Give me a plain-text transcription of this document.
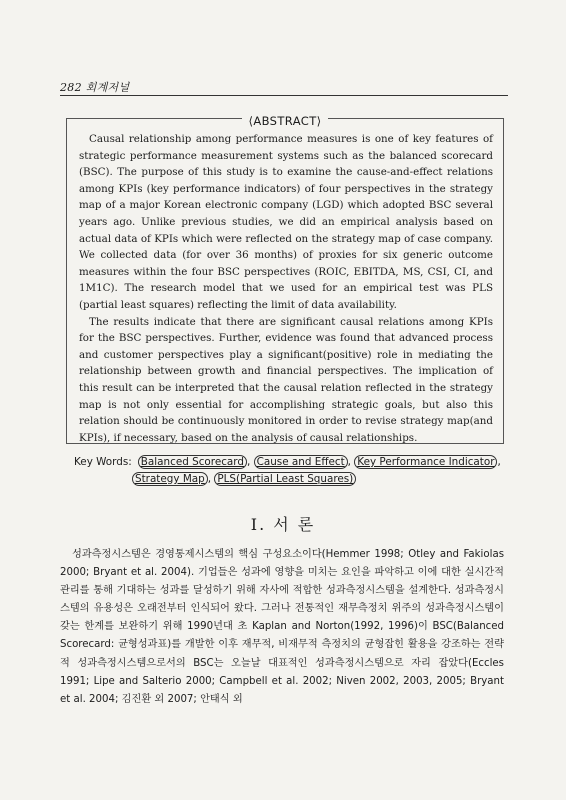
282 회계저널
⟨ABSTRACT⟩

Causal relationship among performance measures is one of key features of strategic performance measurement systems such as the balanced scorecard (BSC). The purpose of this study is to examine the cause-and-effect relations among KPIs (key performance indicators) of four perspectives in the strategy map of a major Korean electronic company (LGD) which adopted BSC several years ago. Unlike previous studies, we did an empirical analysis based on actual data of KPIs which were reflected on the strategy map of case company. We collected data (for over 36 months) of proxies for six generic outcome measures within the four BSC perspectives (ROIC, EBITDA, MS, CSI, CI, and 1M1C). The research model that we used for an empirical test was PLS (partial least squares) reflecting the limit of data availability.

The results indicate that there are significant causal relations among KPIs for the BSC perspectives. Further, evidence was found that advanced process and customer perspectives play a significant(positive) role in mediating the relationship between growth and financial perspectives. The implication of this result can be interpreted that the causal relation reflected in the strategy map is not only essential for accomplishing strategic goals, but also this relation should be continuously monitored in order to revise strategy map(and KPIs), if necessary, based on the analysis of causal relationships.

Key Words: Balanced Scorecard , Cause and Effect , Key Performance Indicator ,
Strategy Map , PLS(Partial Least Squares)
Ⅰ. 서 론

성과측정시스템은 경영통제시스템의 핵심 구성요소이다(Hemmer 1998; Otley and Fakiolas 2000; Bryant et al. 2004). 기업들은 성과에 영향을 미치는 요인을 파악하고 이에 대한 실시간적 관리를 통해 기대하는 성과를 달성하기 위해 자사에 적합한 성과측정시스템을 설계한다. 성과측정시스템의 유용성은 오래전부터 인식되어 왔다. 그러나 전통적인 재무측정치 위주의 성과측정시스템이 갖는 한계를 보완하기 위해 1990년대 초 Kaplan and Norton(1992, 1996)이 BSC(Balanced Scorecard: 균형성과표)를 개발한 이후 재무적, 비재무적 측정치의 균형잡힌 활용을 강조하는 전략적 성과측정시스템으로서의 BSC는 오늘날 대표적인 성과측정시스템으로 자리 잡았다(Eccles 1991; Lipe and Salterio 2000; Campbell et al. 2002; Niven 2002, 2003, 2005; Bryant et al. 2004; 김진환 외 2007; 안태식 외
